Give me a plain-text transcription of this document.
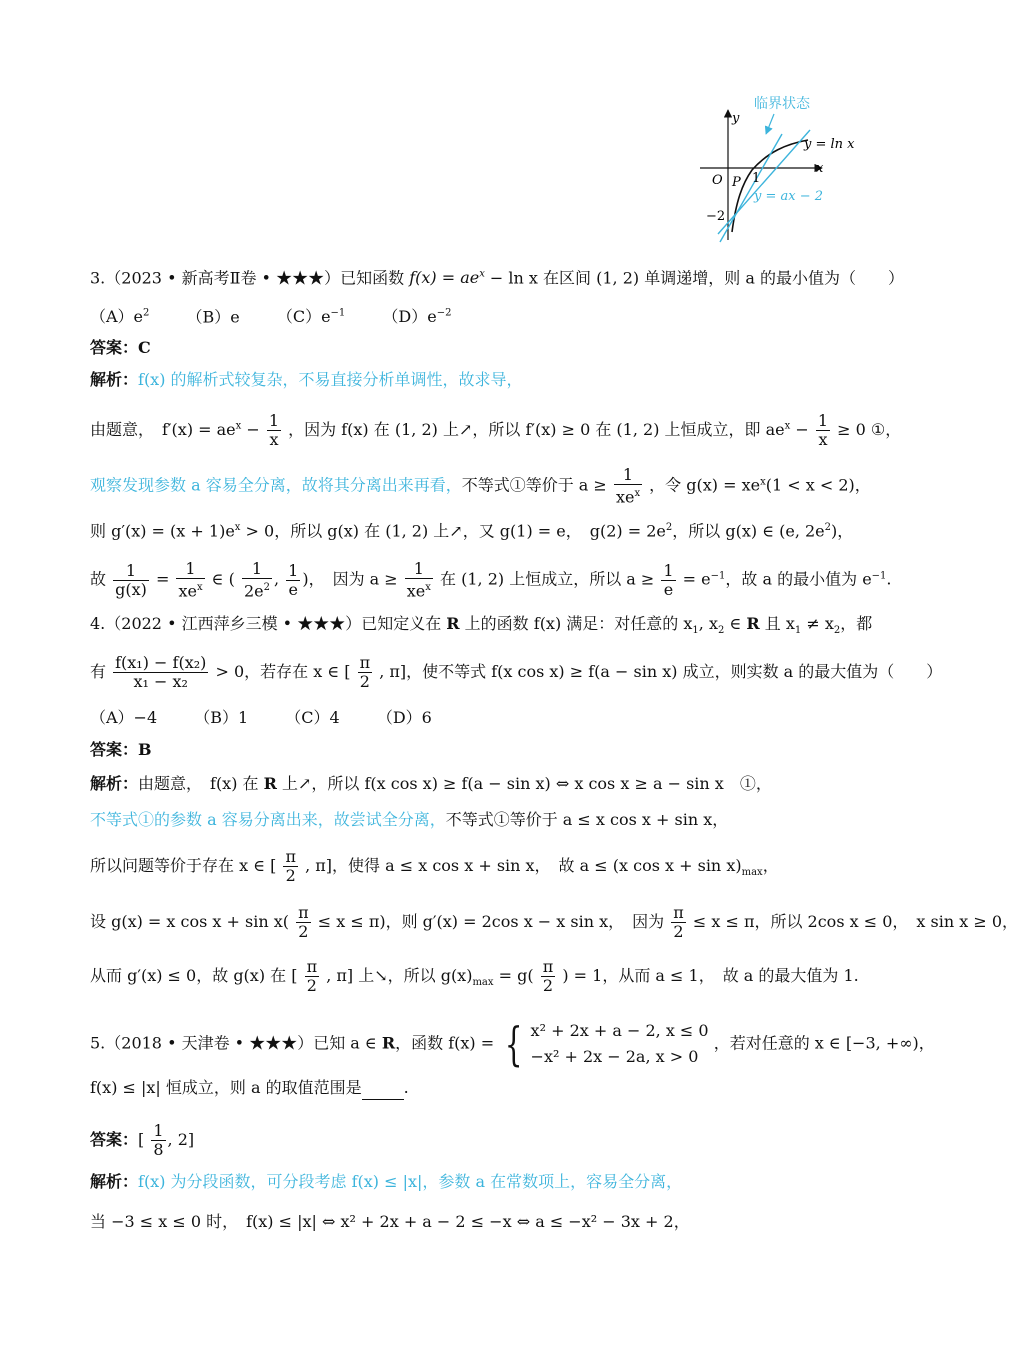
临界状态
y
x
O P 1
−2
y = ln x
y = ax − 2
3.（2023 • 新高考Ⅱ卷 • ★★★）已知函数 $f(x) = ae^x - \ln x$ 在区间 (1, 2) 单调递增，则 a 的最小值为（　　）
$(A)e^2$　　 （B）e　　 $(C)e^{-1}$　　 $(D)e^{-2}$
答案：C
解析：f(x) 的解析式较复杂，不易直接分析单调性，故求导，
由题意，　$f'(x) = ae^x - \frac{1}{x}$ ，因为 f(x) 在 (1, 2) 上↗，所以 f′(x) ≥ 0 在 (1, 2) 上恒成立，即 $ae^x - \frac{1}{x} \ge 0$ ①，
观察发现参数 a 容易全分离，故将其分离出来再看，不等式①等价于 $a \ge \frac{1}{xe^x}$ ，令 $g(x) = xe^x(1 < x < 2)$，
则 $g'(x) = (x + 1)e^x > 0$，所以 g(x) 在 (1, 2) 上↗，又 g(1) = e，　$g(2) = 2e^2$，所以 g(x) ∈ (e, $2e^2$)，
故 $\frac{1}{g(x)} = \frac{1}{xe^x}$ ∈ ( $\frac{1}{2e^2}$ , $\frac{1}{e}$ )，　因为 $a \ge \frac{1}{xe^x}$ 在 (1, 2) 上恒成立，所以 $a \ge \frac{1}{e} = e^{-1}$，故 a 的最小值为 $e^{-1}$.
4.（2022 • 江西萍乡三模 • ★★★）已知定义在 R 上的函数 f(x) 满足：对任意的 $x_1$, $x_2$ ∈ R 且 $x_1 \ne x_2$，都
有 $\frac{\text{f(x₁) − f(x₂)}}{\text{x₁ − x₂}} > 0$，若存在 x ∈ [ $\frac{\pi}{2}$ , π]，使不等式 f(x cos x) ≥ f(a − sin x) 成立，则实数 a 的最大值为（　　）
（A）−4　　 （B）1　　 （C）4　　 （D）6
答案：B
解析：由题意，　f(x) 在 R 上↗，所以 f(x cos x) ≥ f(a − sin x) ⇔ x cos x ≥ a − sin x　①，
不等式①的参数 a 容易分离出来，故尝试全分离，不等式①等价于 a ≤ x cos x + sin x，
所以问题等价于存在 x ∈ [ $\frac{\pi}{2}$ , π]，使得 a ≤ x cos x + sin x，　故 a ≤ (x $\cos x + \sin x)_{max}$，
设 g(x) = x $\cos x + \sin x( \frac{\pi}{2} \le x \le \pi)$，则 g′(x) = 2cos x − x sin x，　因为 $\frac{\pi}{2} \le x \le \pi$，所以 2cos x ≤ 0，　x sin x ≥ 0，
从而 g′(x) ≤ 0，故 g(x) 在 [ $\frac{\pi}{2}$ , π] 上↘，所以 $g(x)_{max} = g( \frac{\pi}{2}$ ) = 1，从而 a ≤ 1，　故 a 的最大值为 1.
5.（2018 • 天津卷 • ★★★）已知 a ∈ R，函数 f(x) = { x² + 2x + a − 2, x ≤ 0
−x² + 2x − 2a, x > 0
，若对任意的 x ∈ [−3, +∞)，
f(x) ≤ |x| 恒成立，则 a 的取值范围是	.
答案：[ $\frac{1}{8}$ , 2]
解析：f(x) 为分段函数，可分段考虑 f(x) ≤ |x|，参数 a 在常数项上，容易全分离，
当 −3 ≤ x ≤ 0 时，　f(x) ≤ |x| ⇔ x² + 2x + a − 2 ≤ −x ⇔ a ≤ −x² − 3x + 2，
